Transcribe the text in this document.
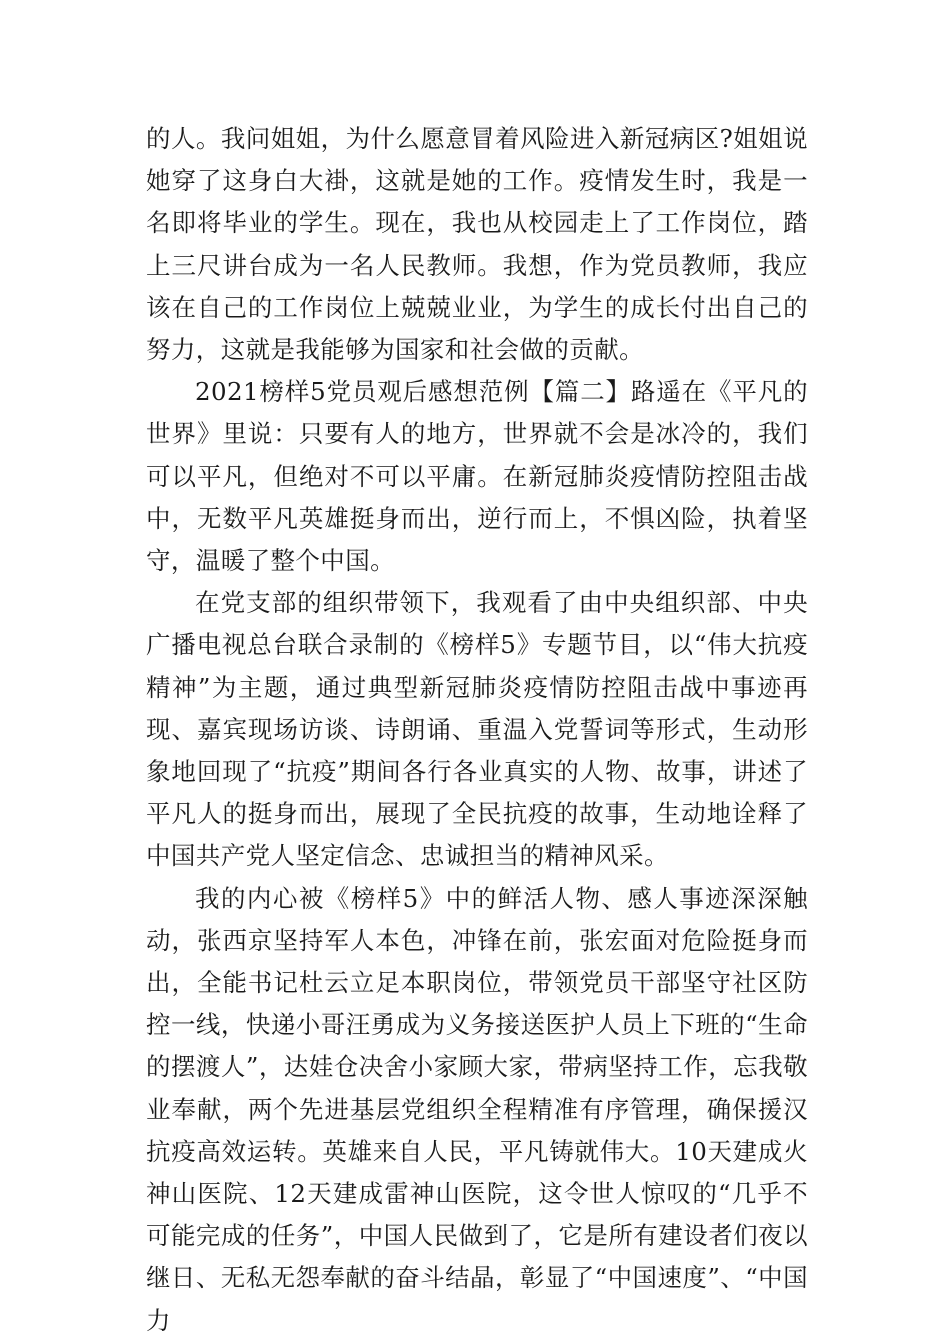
的人。我问姐姐，为什么愿意冒着风险进入新冠病区?姐姐说她穿了这身白大褂，这就是她的工作。疫情发生时，我是一名即将毕业的学生。现在，我也从校园走上了工作岗位，踏上三尺讲台成为一名人民教师。我想，作为党员教师，我应该在自己的工作岗位上兢兢业业，为学生的成长付出自己的努力，这就是我能够为国家和社会做的贡献。

2021榜样5党员观后感想范例【篇二】路遥在《平凡的世界》里说：只要有人的地方，世界就不会是冰冷的，我们可以平凡，但绝对不可以平庸。在新冠肺炎疫情防控阻击战中，无数平凡英雄挺身而出，逆行而上，不惧凶险，执着坚守，温暖了整个中国。

在党支部的组织带领下，我观看了由中央组织部、中央广播电视总台联合录制的《榜样5》专题节目，以“伟大抗疫精神”为主题，通过典型新冠肺炎疫情防控阻击战中事迹再现、嘉宾现场访谈、诗朗诵、重温入党誓词等形式，生动形象地回现了“抗疫”期间各行各业真实的人物、故事，讲述了平凡人的挺身而出，展现了全民抗疫的故事，生动地诠释了中国共产党人坚定信念、忠诚担当的精神风采。

我的内心被《榜样5》中的鲜活人物、感人事迹深深触动，张西京坚持军人本色，冲锋在前，张宏面对危险挺身而出，全能书记杜云立足本职岗位，带领党员干部坚守社区防控一线，快递小哥汪勇成为义务接送医护人员上下班的“生命的摆渡人”，达娃仓决舍小家顾大家，带病坚持工作，忘我敬业奉献，两个先进基层党组织全程精准有序管理，确保援汉抗疫高效运转。英雄来自人民，平凡铸就伟大。10天建成火神山医院、12天建成雷神山医院，这令世人惊叹的“几乎不可能完成的任务”，中国人民做到了，它是所有建设者们夜以继日、无私无怨奉献的奋斗结晶，彰显了“中国速度”、“中国力
